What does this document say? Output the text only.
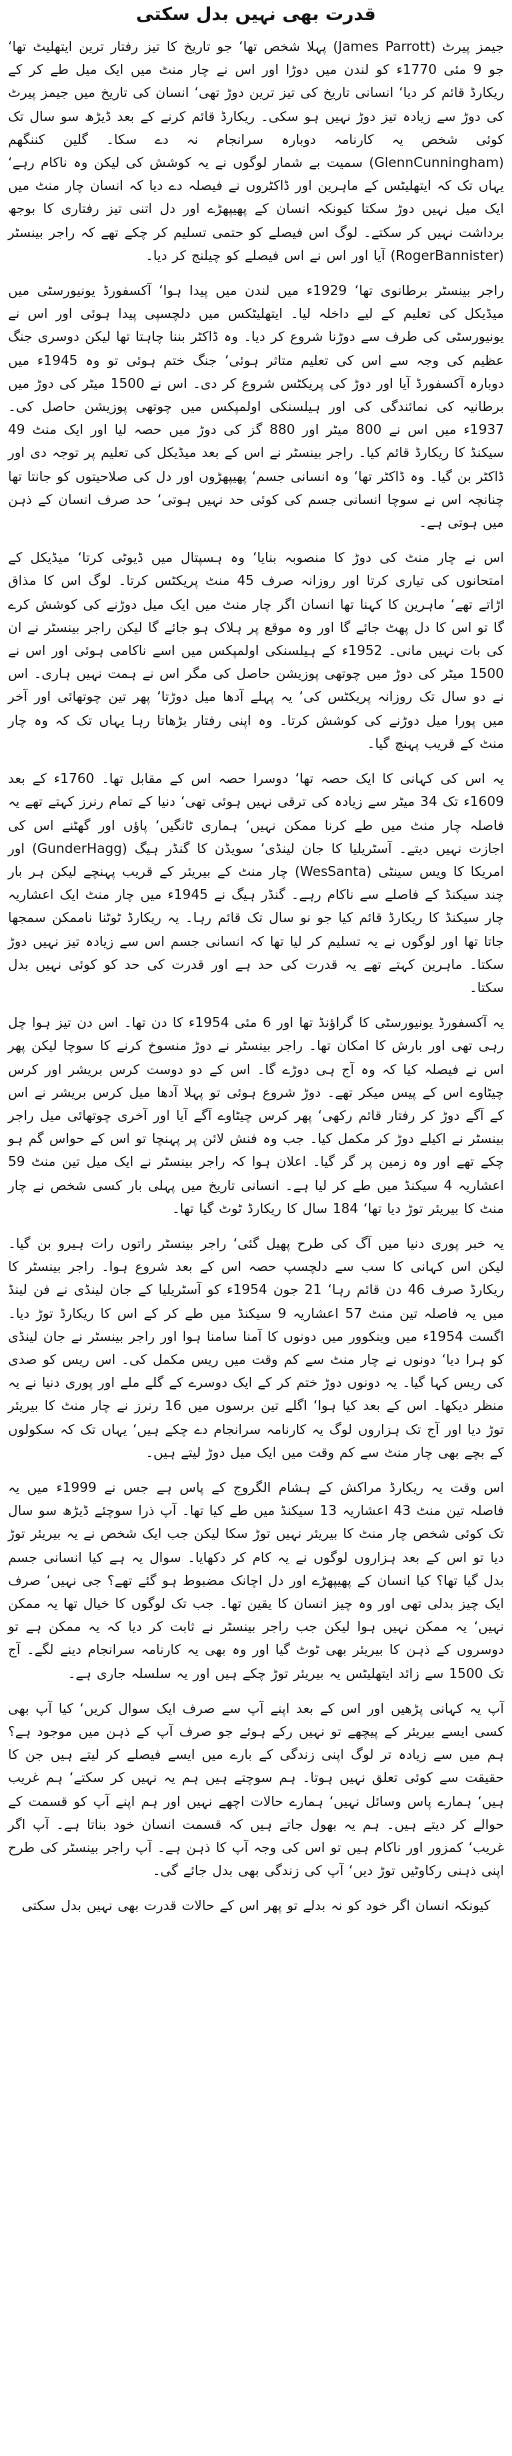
قدرت بھی نہیں بدل سکتی

جیمز پیرٹ (James Parrott) پہلا شخص تھا‘ جو تاریخ کا تیز رفتار ترین ایتھلیٹ تھا‘ جو 9 مئی 1770ء کو لندن میں دوڑا اور اس نے چار منٹ میں ایک میل طے کر کے ریکارڈ قائم کر دیا‘ انسانی تاریخ کی تیز ترین دوڑ تھی‘ انسان کی تاریخ میں جیمز پیرٹ کی دوڑ سے زیادہ تیز دوڑ نہیں ہو سکی۔ ریکارڈ قائم کرنے کے بعد ڈیڑھ سو سال تک کوئی شخص یہ کارنامہ دوبارہ سرانجام نہ دے سکا۔ گلین کننگھم (GlennCunningham) سمیت بے شمار لوگوں نے یہ کوشش کی لیکن وہ ناکام رہے‘ یہاں تک کہ ایتھلیٹس کے ماہرین اور ڈاکٹروں نے فیصلہ دے دیا کہ انسان چار منٹ میں ایک میل نہیں دوڑ سکتا کیونکہ انسان کے پھیپھڑے اور دل اتنی تیز رفتاری کا بوجھ برداشت نہیں کر سکتے۔ لوگ اس فیصلے کو حتمی تسلیم کر چکے تھے کہ راجر بینسٹر (RogerBannister) آیا اور اس نے اس فیصلے کو چیلنج کر دیا۔

راجر بینسٹر برطانوی تھا‘ 1929ء میں لندن میں پیدا ہوا‘ آکسفورڈ یونیورسٹی میں میڈیکل کی تعلیم کے لیے داخلہ لیا۔ ایتھلیٹکس میں دلچسپی پیدا ہوئی اور اس نے یونیورسٹی کی طرف سے دوڑنا شروع کر دیا۔ وہ ڈاکٹر بننا چاہتا تھا لیکن دوسری جنگ عظیم کی وجہ سے اس کی تعلیم متاثر ہوئی‘ جنگ ختم ہوئی تو وہ 1945ء میں دوبارہ آکسفورڈ آیا اور دوڑ کی پریکٹس شروع کر دی۔ اس نے 1500 میٹر کی دوڑ میں برطانیہ کی نمائندگی کی اور ہیلسنکی اولمپکس میں چوتھی پوزیشن حاصل کی۔ 1937ء میں اس نے 800 میٹر اور 880 گز کی دوڑ میں حصہ لیا اور ایک منٹ 49 سیکنڈ کا ریکارڈ قائم کیا۔ راجر بینسٹر نے اس کے بعد میڈیکل کی تعلیم پر توجہ دی اور ڈاکٹر بن گیا۔ وہ ڈاکٹر تھا‘ وہ انسانی جسم‘ پھیپھڑوں اور دل کی صلاحیتوں کو جانتا تھا چنانچہ اس نے سوچا انسانی جسم کی کوئی حد نہیں ہوتی‘ حد صرف انسان کے ذہن میں ہوتی ہے۔

اس نے چار منٹ کی دوڑ کا منصوبہ بنایا‘ وہ ہسپتال میں ڈیوٹی کرتا‘ میڈیکل کے امتحانوں کی تیاری کرتا اور روزانہ صرف 45 منٹ پریکٹس کرتا۔ لوگ اس کا مذاق اڑاتے تھے‘ ماہرین کا کہنا تھا انسان اگر چار منٹ میں ایک میل دوڑنے کی کوشش کرے گا تو اس کا دل پھٹ جائے گا اور وہ موقع پر ہلاک ہو جائے گا لیکن راجر بینسٹر نے ان کی بات نہیں مانی۔ 1952ء کے ہیلسنکی اولمپکس میں اسے ناکامی ہوئی اور اس نے 1500 میٹر کی دوڑ میں چوتھی پوزیشن حاصل کی مگر اس نے ہمت نہیں ہاری۔ اس نے دو سال تک روزانہ پریکٹس کی‘ یہ پہلے آدھا میل دوڑتا‘ پھر تین چوتھائی اور آخر میں پورا میل دوڑنے کی کوشش کرتا۔ وہ اپنی رفتار بڑھاتا رہا یہاں تک کہ وہ چار منٹ کے قریب پہنچ گیا۔

یہ اس کی کہانی کا ایک حصہ تھا‘ دوسرا حصہ اس کے مقابل تھا۔ 1760ء کے بعد 1609ء تک 34 میٹر سے زیادہ کی ترقی نہیں ہوئی تھی‘ دنیا کے تمام رنرز کہتے تھے یہ فاصلہ چار منٹ میں طے کرنا ممکن نہیں‘ ہماری ٹانگیں‘ پاؤں اور گھٹنے اس کی اجازت نہیں دیتے۔ آسٹریلیا کا جان لینڈی‘ سویڈن کا گنڈر ہیگ (GunderHagg) اور امریکا کا ویس سینٹی (WesSanta) چار منٹ کے بیریئر کے قریب پہنچے لیکن ہر بار چند سیکنڈ کے فاصلے سے ناکام رہے۔ گنڈر ہیگ نے 1945ء میں چار منٹ ایک اعشاریہ چار سیکنڈ کا ریکارڈ قائم کیا جو نو سال تک قائم رہا۔ یہ ریکارڈ ٹوٹنا ناممکن سمجھا جاتا تھا اور لوگوں نے یہ تسلیم کر لیا تھا کہ انسانی جسم اس سے زیادہ تیز نہیں دوڑ سکتا۔ ماہرین کہتے تھے یہ قدرت کی حد ہے اور قدرت کی حد کو کوئی نہیں بدل سکتا۔

یہ آکسفورڈ یونیورسٹی کا گراؤنڈ تھا اور 6 مئی 1954ء کا دن تھا۔ اس دن تیز ہوا چل رہی تھی اور بارش کا امکان تھا۔ راجر بینسٹر نے دوڑ منسوخ کرنے کا سوچا لیکن پھر اس نے فیصلہ کیا کہ وہ آج ہی دوڑے گا۔ اس کے دو دوست کرس بریشر اور کرس چیٹاوے اس کے پیس میکر تھے۔ دوڑ شروع ہوئی تو پہلا آدھا میل کرس بریشر نے اس کے آگے دوڑ کر رفتار قائم رکھی‘ پھر کرس چیٹاوے آگے آیا اور آخری چوتھائی میل راجر بینسٹر نے اکیلے دوڑ کر مکمل کیا۔ جب وہ فنش لائن پر پہنچا تو اس کے حواس گم ہو چکے تھے اور وہ زمین پر گر گیا۔ اعلان ہوا کہ راجر بینسٹر نے ایک میل تین منٹ 59 اعشاریہ 4 سیکنڈ میں طے کر لیا ہے۔ انسانی تاریخ میں پہلی بار کسی شخص نے چار منٹ کا بیریئر توڑ دیا تھا‘ 184 سال کا ریکارڈ ٹوٹ گیا تھا۔

یہ خبر پوری دنیا میں آگ کی طرح پھیل گئی‘ راجر بینسٹر راتوں رات ہیرو بن گیا۔ لیکن اس کہانی کا سب سے دلچسپ حصہ اس کے بعد شروع ہوا۔ راجر بینسٹر کا ریکارڈ صرف 46 دن قائم رہا‘ 21 جون 1954ء کو آسٹریلیا کے جان لینڈی نے فن لینڈ میں یہ فاصلہ تین منٹ 57 اعشاریہ 9 سیکنڈ میں طے کر کے اس کا ریکارڈ توڑ دیا۔ اگست 1954ء میں وینکوور میں دونوں کا آمنا سامنا ہوا اور راجر بینسٹر نے جان لینڈی کو ہرا دیا‘ دونوں نے چار منٹ سے کم وقت میں ریس مکمل کی۔ اس ریس کو صدی کی ریس کہا گیا۔ یہ دونوں دوڑ ختم کر کے ایک دوسرے کے گلے ملے اور پوری دنیا نے یہ منظر دیکھا۔ اس کے بعد کیا ہوا‘ اگلے تین برسوں میں 16 رنرز نے چار منٹ کا بیریئر توڑ دیا اور آج تک ہزاروں لوگ یہ کارنامہ سرانجام دے چکے ہیں‘ یہاں تک کہ سکولوں کے بچے بھی چار منٹ سے کم وقت میں ایک میل دوڑ لیتے ہیں۔

اس وقت یہ ریکارڈ مراکش کے ہشام الگروج کے پاس ہے جس نے 1999ء میں یہ فاصلہ تین منٹ 43 اعشاریہ 13 سیکنڈ میں طے کیا تھا۔ آپ ذرا سوچئے ڈیڑھ سو سال تک کوئی شخص چار منٹ کا بیریئر نہیں توڑ سکا لیکن جب ایک شخص نے یہ بیریئر توڑ دیا تو اس کے بعد ہزاروں لوگوں نے یہ کام کر دکھایا۔ سوال یہ ہے کیا انسانی جسم بدل گیا تھا؟ کیا انسان کے پھیپھڑے اور دل اچانک مضبوط ہو گئے تھے؟ جی نہیں‘ صرف ایک چیز بدلی تھی اور وہ چیز انسان کا یقین تھا۔ جب تک لوگوں کا خیال تھا یہ ممکن نہیں‘ یہ ممکن نہیں ہوا لیکن جب راجر بینسٹر نے ثابت کر دیا کہ یہ ممکن ہے تو دوسروں کے ذہن کا بیریئر بھی ٹوٹ گیا اور وہ بھی یہ کارنامہ سرانجام دینے لگے۔ آج تک 1500 سے زائد ایتھلیٹس یہ بیریئر توڑ چکے ہیں اور یہ سلسلہ جاری ہے۔

آپ یہ کہانی پڑھیں اور اس کے بعد اپنے آپ سے صرف ایک سوال کریں‘ کیا آپ بھی کسی ایسے بیریئر کے پیچھے تو نہیں رکے ہوئے جو صرف آپ کے ذہن میں موجود ہے؟ ہم میں سے زیادہ تر لوگ اپنی زندگی کے بارے میں ایسے فیصلے کر لیتے ہیں جن کا حقیقت سے کوئی تعلق نہیں ہوتا۔ ہم سوچتے ہیں ہم یہ نہیں کر سکتے‘ ہم غریب ہیں‘ ہمارے پاس وسائل نہیں‘ ہمارے حالات اچھے نہیں اور ہم اپنے آپ کو قسمت کے حوالے کر دیتے ہیں۔ ہم یہ بھول جاتے ہیں کہ قسمت انسان خود بناتا ہے۔ آپ اگر غریب‘ کمزور اور ناکام ہیں تو اس کی وجہ آپ کا ذہن ہے۔ آپ راجر بینسٹر کی طرح اپنی ذہنی رکاوٹیں توڑ دیں‘ آپ کی زندگی بھی بدل جائے گی۔

کیونکہ انسان اگر خود کو نہ بدلے تو پھر اس کے حالات قدرت بھی نہیں بدل سکتی
